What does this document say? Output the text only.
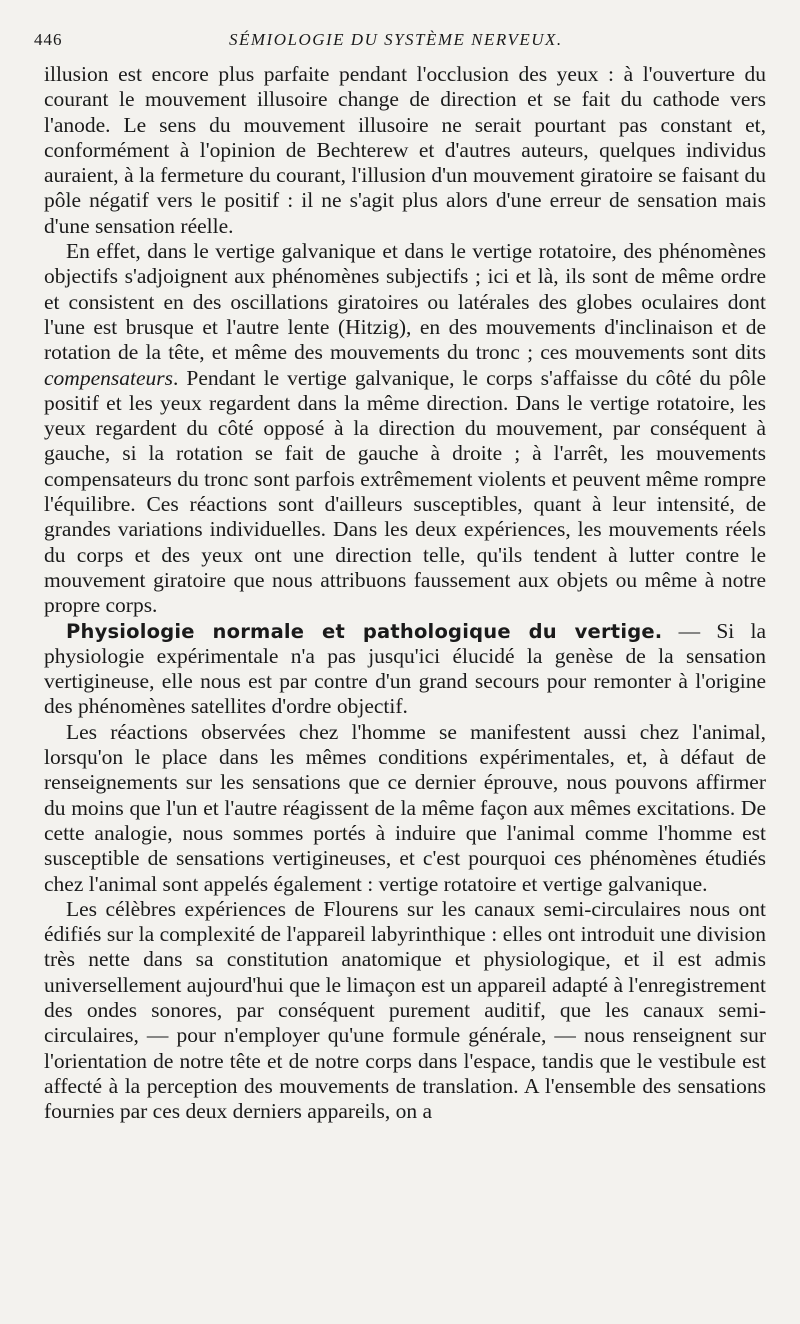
446	SÉMIOLOGIE DU SYSTÈME NERVEUX.

illusion est encore plus parfaite pendant l'occlusion des yeux : à l'ouverture du courant le mouvement illusoire change de direction et se fait du cathode vers l'anode. Le sens du mouvement illusoire ne serait pourtant pas constant et, conformément à l'opinion de Bechterew et d'autres auteurs, quelques individus auraient, à la fermeture du courant, l'illusion d'un mouvement giratoire se faisant du pôle négatif vers le positif : il ne s'agit plus alors d'une erreur de sensation mais d'une sensation réelle.

En effet, dans le vertige galvanique et dans le vertige rotatoire, des phénomènes objectifs s'adjoignent aux phénomènes subjectifs ; ici et là, ils sont de même ordre et consistent en des oscillations giratoires ou latérales des globes oculaires dont l'une est brusque et l'autre lente (Hitzig), en des mouvements d'inclinaison et de rotation de la tête, et même des mouvements du tronc ; ces mouvements sont dits compensateurs. Pendant le vertige galvanique, le corps s'affaisse du côté du pôle positif et les yeux regardent dans la même direction. Dans le vertige rotatoire, les yeux regardent du côté opposé à la direction du mouvement, par conséquent à gauche, si la rotation se fait de gauche à droite ; à l'arrêt, les mouvements compensateurs du tronc sont parfois extrêmement violents et peuvent même rompre l'équilibre. Ces réactions sont d'ailleurs susceptibles, quant à leur intensité, de grandes variations individuelles. Dans les deux expériences, les mouvements réels du corps et des yeux ont une direction telle, qu'ils tendent à lutter contre le mouvement giratoire que nous attribuons faussement aux objets ou même à notre propre corps.

Physiologie normale et pathologique du vertige. — Si la physiologie expérimentale n'a pas jusqu'ici élucidé la genèse de la sensation vertigineuse, elle nous est par contre d'un grand secours pour remonter à l'origine des phénomènes satellites d'ordre objectif.

Les réactions observées chez l'homme se manifestent aussi chez l'animal, lorsqu'on le place dans les mêmes conditions expérimentales, et, à défaut de renseignements sur les sensations que ce dernier éprouve, nous pouvons affirmer du moins que l'un et l'autre réagissent de la même façon aux mêmes excitations. De cette analogie, nous sommes portés à induire que l'animal comme l'homme est susceptible de sensations vertigineuses, et c'est pourquoi ces phénomènes étudiés chez l'animal sont appelés également : vertige rotatoire et vertige galvanique.

Les célèbres expériences de Flourens sur les canaux semi-circulaires nous ont édifiés sur la complexité de l'appareil labyrinthique : elles ont introduit une division très nette dans sa constitution anatomique et physiologique, et il est admis universellement aujourd'hui que le limaçon est un appareil adapté à l'enregistrement des ondes sonores, par conséquent purement auditif, que les canaux semi-circulaires, — pour n'employer qu'une formule générale, — nous renseignent sur l'orientation de notre tête et de notre corps dans l'espace, tandis que le vestibule est affecté à la perception des mouvements de translation. A l'ensemble des sensations fournies par ces deux derniers appareils, on a
